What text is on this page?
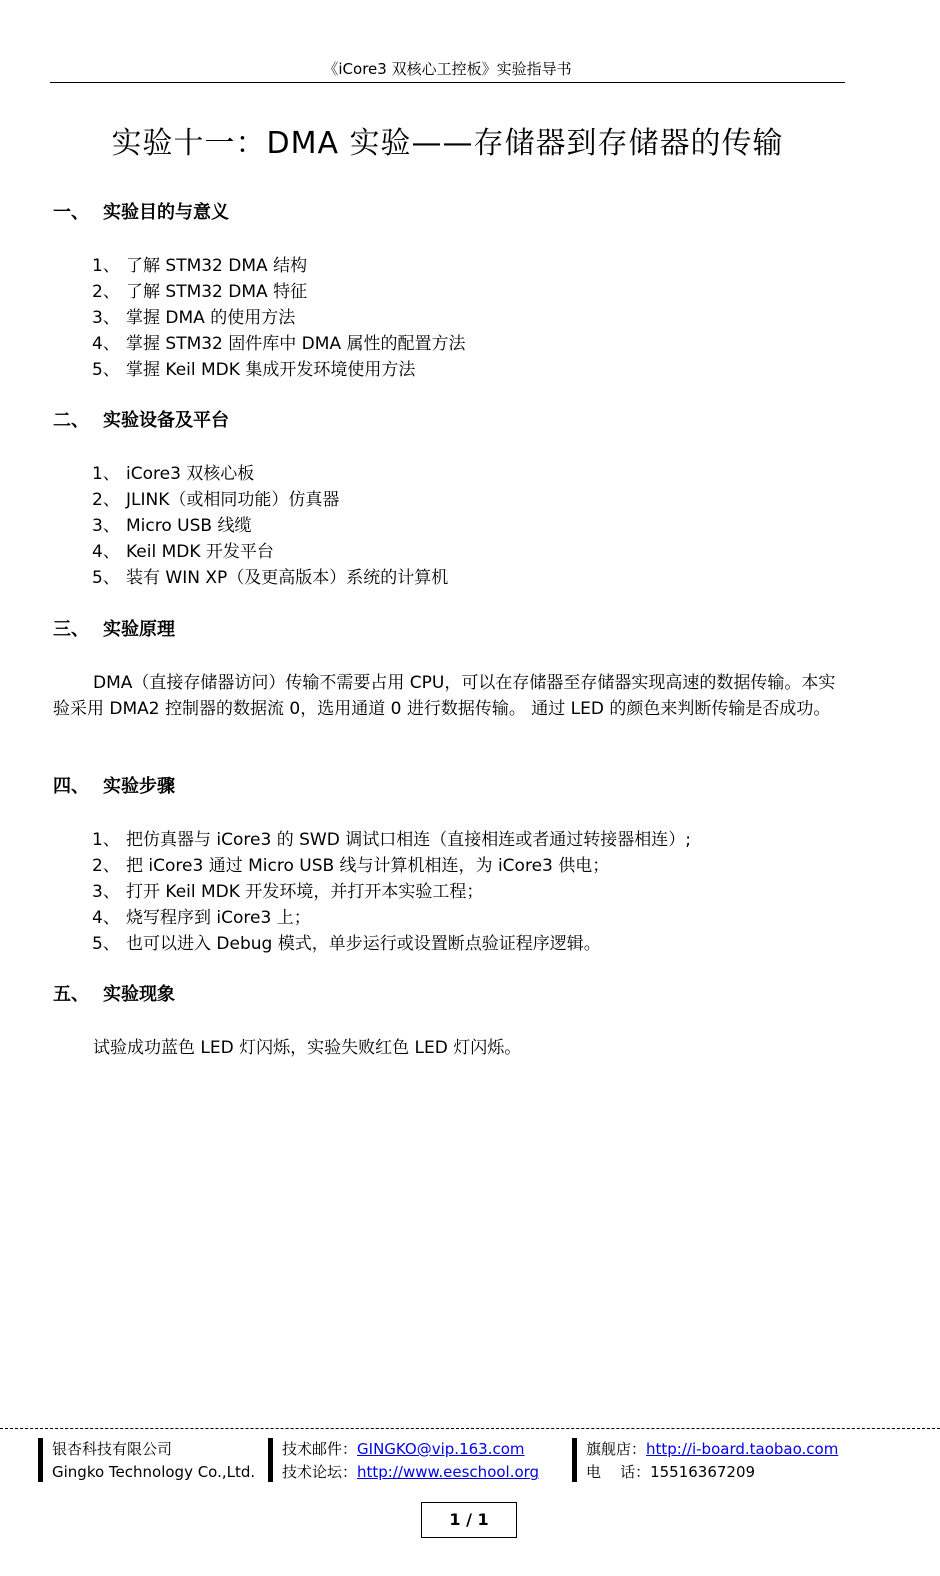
《iCore3 双核心工控板》实验指导书
实验十一：DMA 实验——存储器到存储器的传输
一、 实验目的与意义
1、 了解 STM32 DMA 结构
2、 了解 STM32 DMA 特征
3、 掌握 DMA 的使用方法
4、 掌握 STM32 固件库中 DMA 属性的配置方法
5、 掌握 Keil MDK 集成开发环境使用方法
二、 实验设备及平台
1、 iCore3 双核心板
2、 JLINK（或相同功能）仿真器
3、 Micro USB 线缆
4、 Keil MDK 开发平台
5、 装有 WIN XP（及更高版本）系统的计算机
三、 实验原理
DMA（直接存储器访问）传输不需要占用 CPU，可以在存储器至存储器实现高速的数据传输。本实验采用 DMA2 控制器的数据流 0，选用通道 0 进行数据传输。 通过 LED 的颜色来判断传输是否成功。
四、 实验步骤
1、 把仿真器与 iCore3 的 SWD 调试口相连（直接相连或者通过转接器相连）;
2、 把 iCore3 通过 Micro USB 线与计算机相连，为 iCore3 供电；
3、 打开 Keil MDK 开发环境，并打开本实验工程；
4、 烧写程序到 iCore3 上；
5、 也可以进入 Debug 模式，单步运行或设置断点验证程序逻辑。
五、 实验现象
试验成功蓝色 LED 灯闪烁，实验失败红色 LED 灯闪烁。
银杏科技有限公司
Gingko Technology Co.,Ltd.
技术邮件：GINGKO@vip.163.com
技术论坛：http://www.eeschool.org
旗舰店：http://i-board.taobao.com
电    话：15516367209
1 / 1
